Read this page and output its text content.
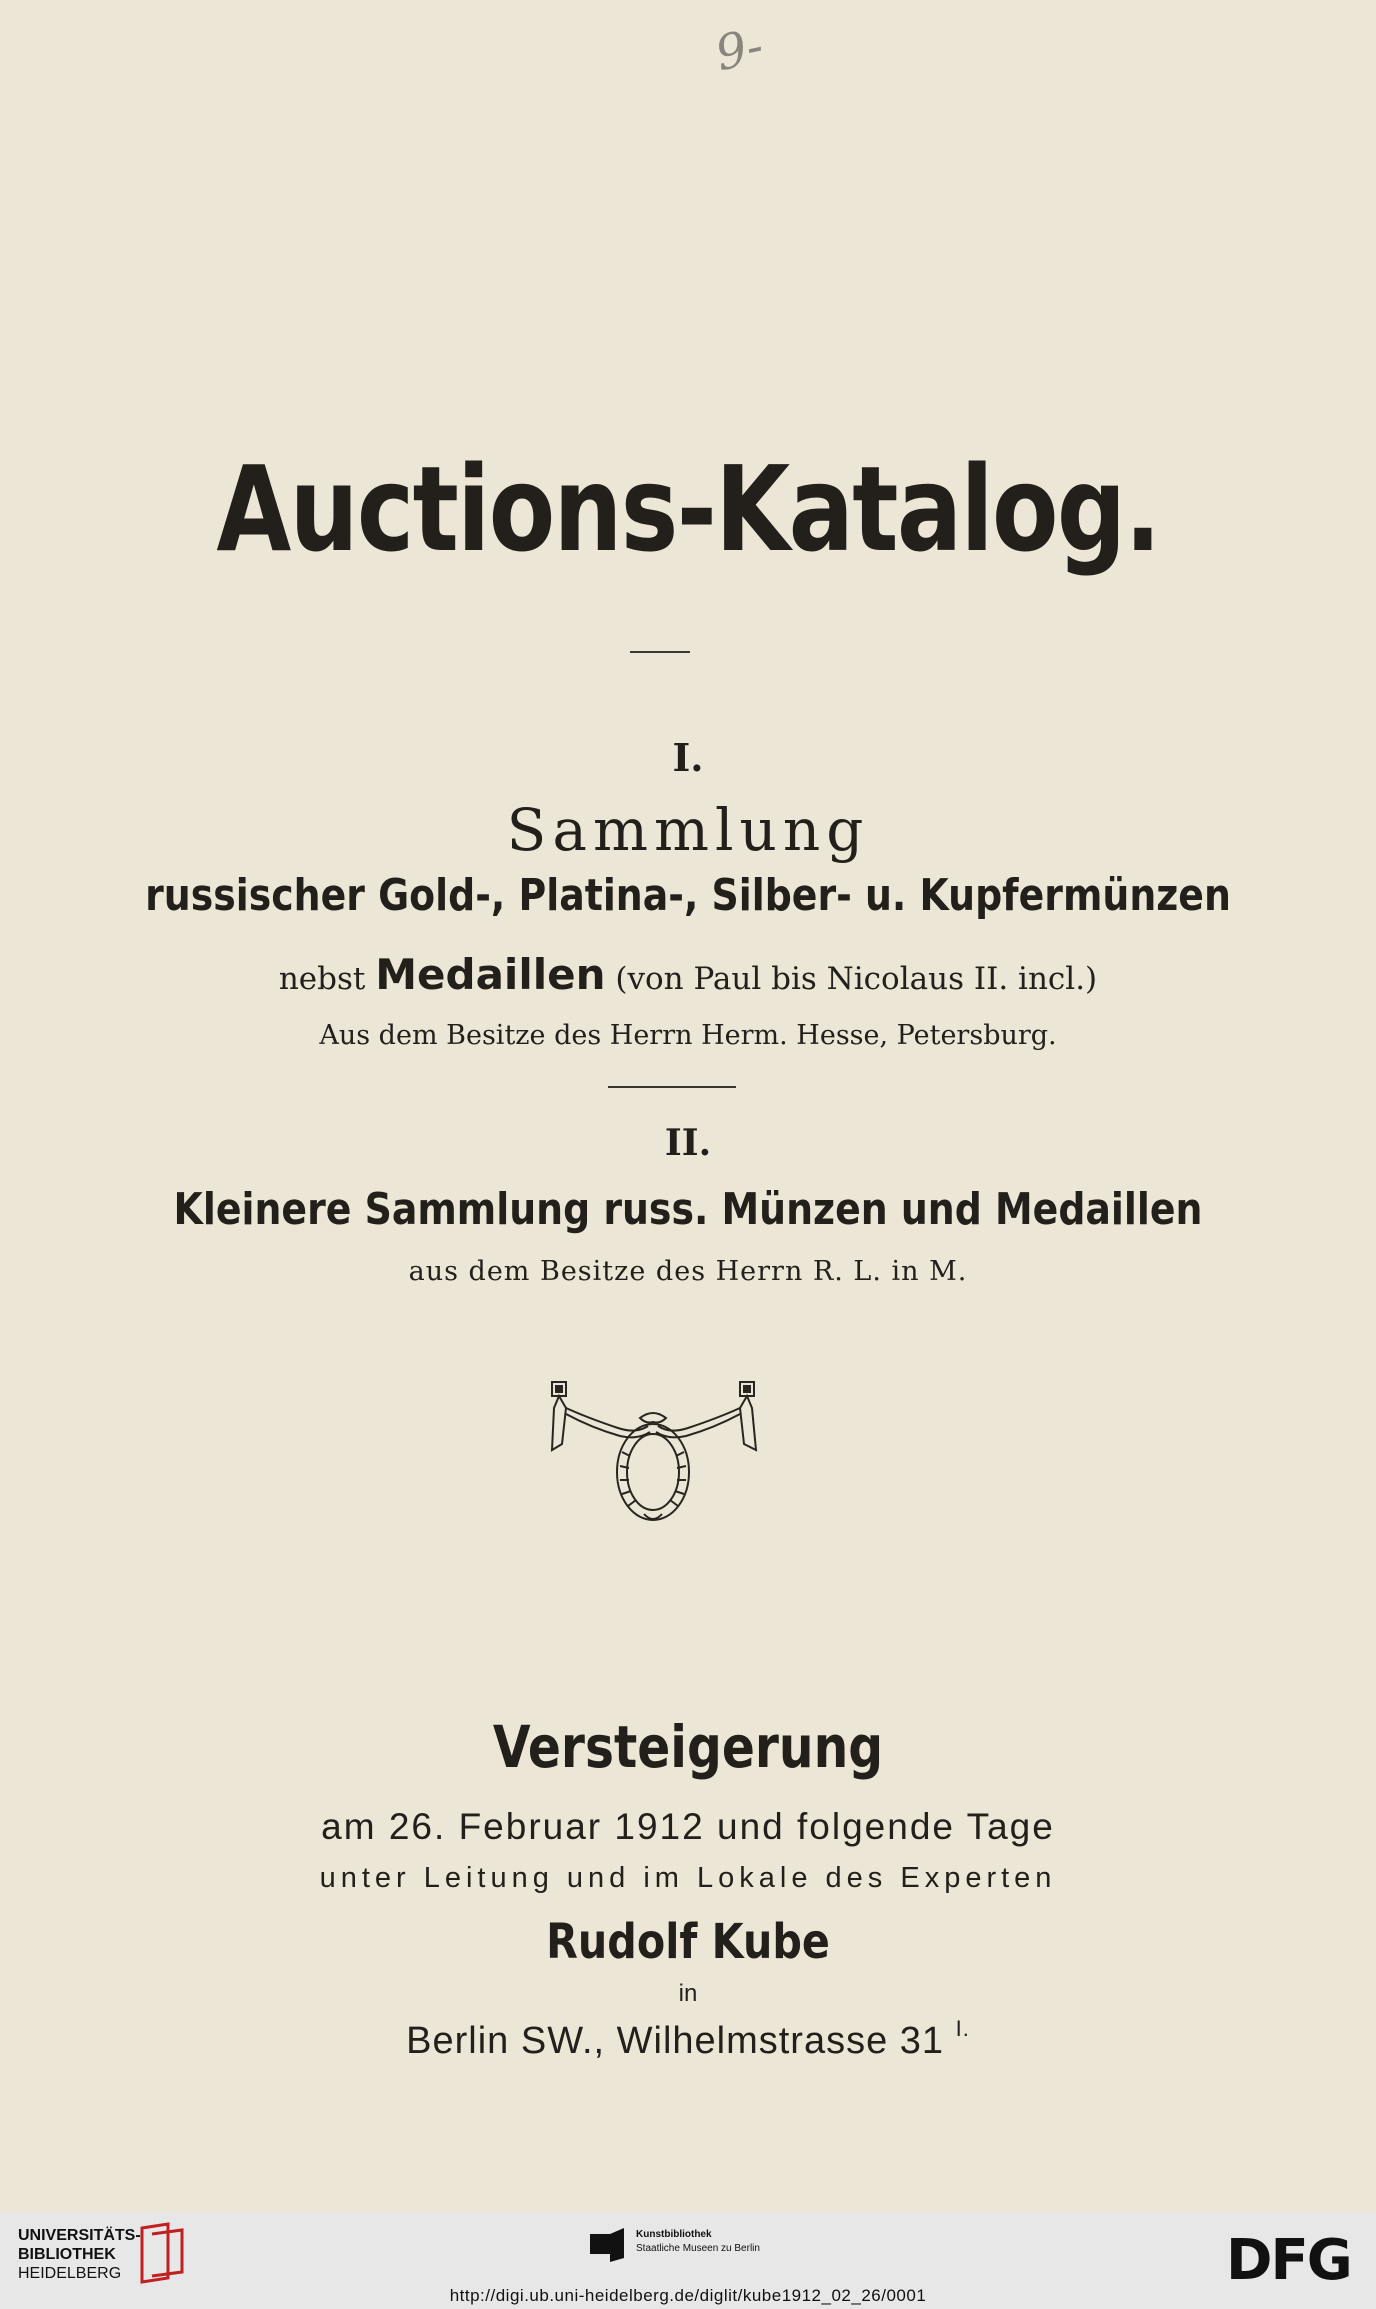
9-
Auctions-Katalog.
I.
Sammlung
russischer Gold-, Platina-, Silber- u. Kupfermünzen
nebst Medaillen (von Paul bis Nicolaus II. incl.)
Aus dem Besitze des Herrn Herm. Hesse, Petersburg.
II.
Kleinere Sammlung russ. Münzen und Medaillen
aus dem Besitze des Herrn R. L. in M.
Versteigerung
am 26. Februar 1912 und folgende Tage
unter Leitung und im Lokale des Experten
Rudolf Kube
in
Berlin SW., Wilhelmstrasse 31 $^{I.}$
UNIVERSITÄTS-
BIBLIOTHEK
HEIDELBERG
Kunstbibliothek
Staatliche Museen zu Berlin	DFG
http://digi.ub.uni-heidelberg.de/diglit/kube1912_02_26/0001
